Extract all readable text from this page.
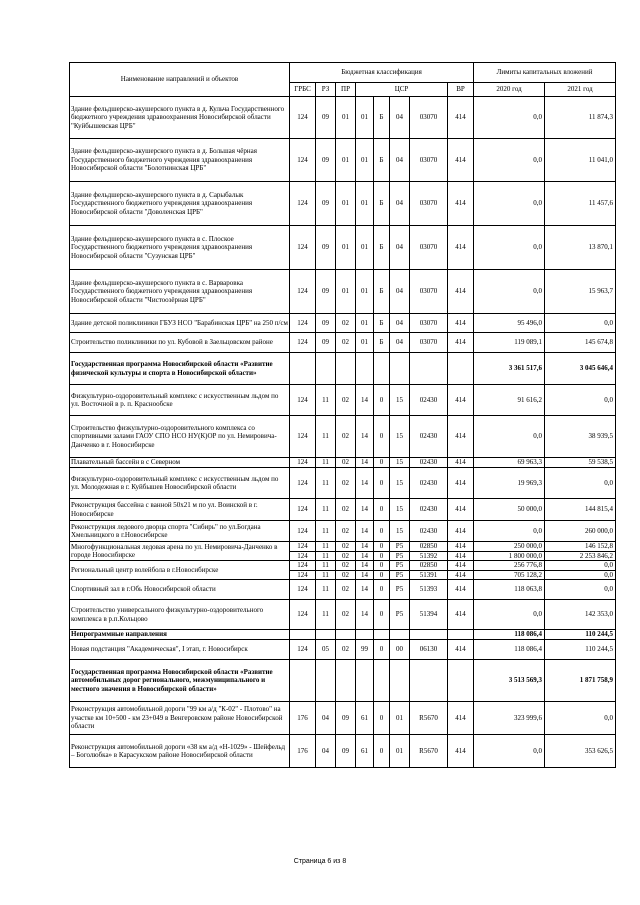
Наименование направлений и объектов	Бюджетная классификация								Лимиты капитальных вложений	
	ГРБС	РЗ	ПР	ЦСР				ВР	2020 год	2021 год
Здание фельдшерско-акушерского пункта в д. Кульча Государственного бюджетного учреждения здравоохранения Новосибирской области "Куйбышевская ЦРБ"	124	09	01	01	Б	04	03070	414	0,0	11 874,3
Здание фельдшерско-акушерского пункта в д. Большая чёрная Государственного бюджетного учреждения здравоохранения Новосибирской области "Болотнинская ЦРБ"	124	09	01	01	Б	04	03070	414	0,0	11 041,0
Здание фельдшерско-акушерского пункта в д. Сарыбалык Государственного бюджетного учреждения здравоохранения Новосибирской области "Доволенская ЦРБ"	124	09	01	01	Б	04	03070	414	0,0	11 457,6
Здание фельдшерско-акушерского пункта в с. Плоское Государственного бюджетного учреждения здравоохранения Новосибирской области "Сузунская ЦРБ"	124	09	01	01	Б	04	03070	414	0,0	13 870,1
Здание фельдшерско-акушерского пункта в с. Варваровка Государственного бюджетного учреждения здравоохранения Новосибирской области "Чистоозёрная ЦРБ"	124	09	01	01	Б	04	03070	414	0,0	15 963,7
Здание детской поликлиники ГБУЗ НСО "Барабинская ЦРБ" на 250 п/см	124	09	02	01	Б	04	03070	414	95 496,0	0,0
Строительство поликлиники по ул. Кубовой в Заельцовском районе	124	09	02	01	Б	04	03070	414	119 089,1	145 674,8
Государственная программа Новосибирской области «Развитие физической культуры и спорта в Новосибирской области»									3 361 517,6	3 045 646,4
Физкультурно-оздоровительный комплекс с искусственным льдом по ул. Восточной в р. п. Краснообске	124	11	02	14	0	15	02430	414	91 616,2	0,0
Строительство физкультурно-оздоровительного комплекса со спортивными залами ГАОУ СПО НСО НУ(К)ОР по ул. Немировича-Данченко в г. Новосибирске	124	11	02	14	0	15	02430	414	0,0	38 939,5
Плавательный бассейн в с Северном	124	11	02	14	0	15	02430	414	69 963,3	59 538,5
Физкультурно-оздоровительный комплекс с искусственным льдом по ул. Молодежная в г. Куйбышев Новосибирской области	124	11	02	14	0	15	02430	414	19 969,3	0,0
Реконструкция бассейна с ванной 50х21 м по ул. Воинской в г. Новосибирске	124	11	02	14	0	15	02430	414	50 000,0	144 815,4
Реконструкция ледового дворца спорта "Сибирь" по ул.Богдана Хмельницкого в г.Новосибирске	124	11	02	14	0	15	02430	414	0,0	260 000,0
Многофункциональная ледовая арена по ул. Немировича-Данченко в городе Новосибирске	124	11	02	14	0	P5	02850	414	250 000,0	146 152,8
	124	11	02	14	0	P5	51392	414	1 800 000,0	2 253 846,2
Региональный центр волейбола в г.Новосибирске	124	11	02	14	0	P5	02850	414	256 776,8	0,0
	124	11	02	14	0	P5	51391	414	705 128,2	0,0
Спортивный зал в г.Обь Новосибирской области	124	11	02	14	0	P5	51393	414	118 063,8	0,0
Строительство универсального физкультурно-оздоровительного комплекса в р.п.Кольцово	124	11	02	14	0	P5	51394	414	0,0	142 353,0
Непрограммные направления									118 086,4	110 244,5
Новая подстанция "Академическая", I этап, г. Новосибирск	124	05	02	99	0	00	06130	414	118 086,4	110 244,5
Государственная программа Новосибирской области «Развитие автомобильных дорог регионального, межмуниципального и местного значения в Новосибирской области»									3 513 569,3	1 871 758,9
Реконструкция автомобильной дороги "99 км а/д "К-02" - Плотово" на участке км 10+500 - км 23+049 в Венгеровском районе Новосибирской области	176	04	09	61	0	01	R5670	414	323 999,6	0,0
Реконструкция автомобильной дороги «38 км а/д «Н-1029» - Шейфельд – Боголюбка» в Карасукском районе Новосибирской области	176	04	09	61	0	01	R5670	414	0,0	353 626,5
Страница 6 из 8
